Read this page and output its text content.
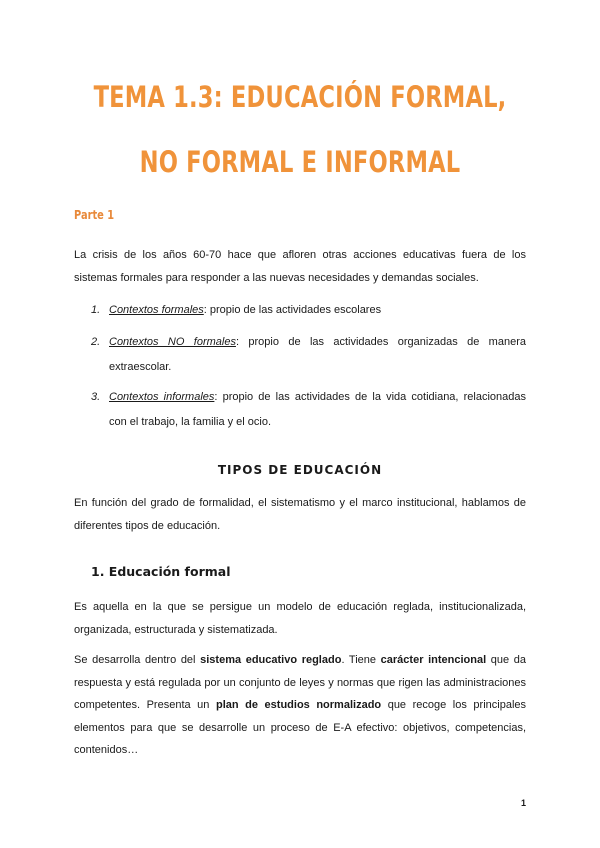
TEMA 1.3: EDUCACIÓN FORMAL,
NO FORMAL E INFORMAL
Parte 1

La crisis de los años 60-70 hace que afloren otras acciones educativas fuera de los sistemas formales para responder a las nuevas necesidades y demandas sociales.

1. Contextos formales: propio de las actividades escolares

2. Contextos NO formales: propio de las actividades organizadas de manera extraescolar.

3. Contextos informales: propio de las actividades de la vida cotidiana, relacionadas con el trabajo, la familia y el ocio.

TIPOS DE EDUCACIÓN

En función del grado de formalidad, el sistematismo y el marco institucional, hablamos de diferentes tipos de educación.

1. Educación formal

Es aquella en la que se persigue un modelo de educación reglada, institucionalizada, organizada, estructurada y sistematizada.

Se desarrolla dentro del sistema educativo reglado. Tiene carácter intencional que da respuesta y está regulada por un conjunto de leyes y normas que rigen las administraciones competentes. Presenta un plan de estudios normalizado que recoge los principales elementos para que se desarrolle un proceso de E-A efectivo: objetivos, competencias, contenidos…

1
